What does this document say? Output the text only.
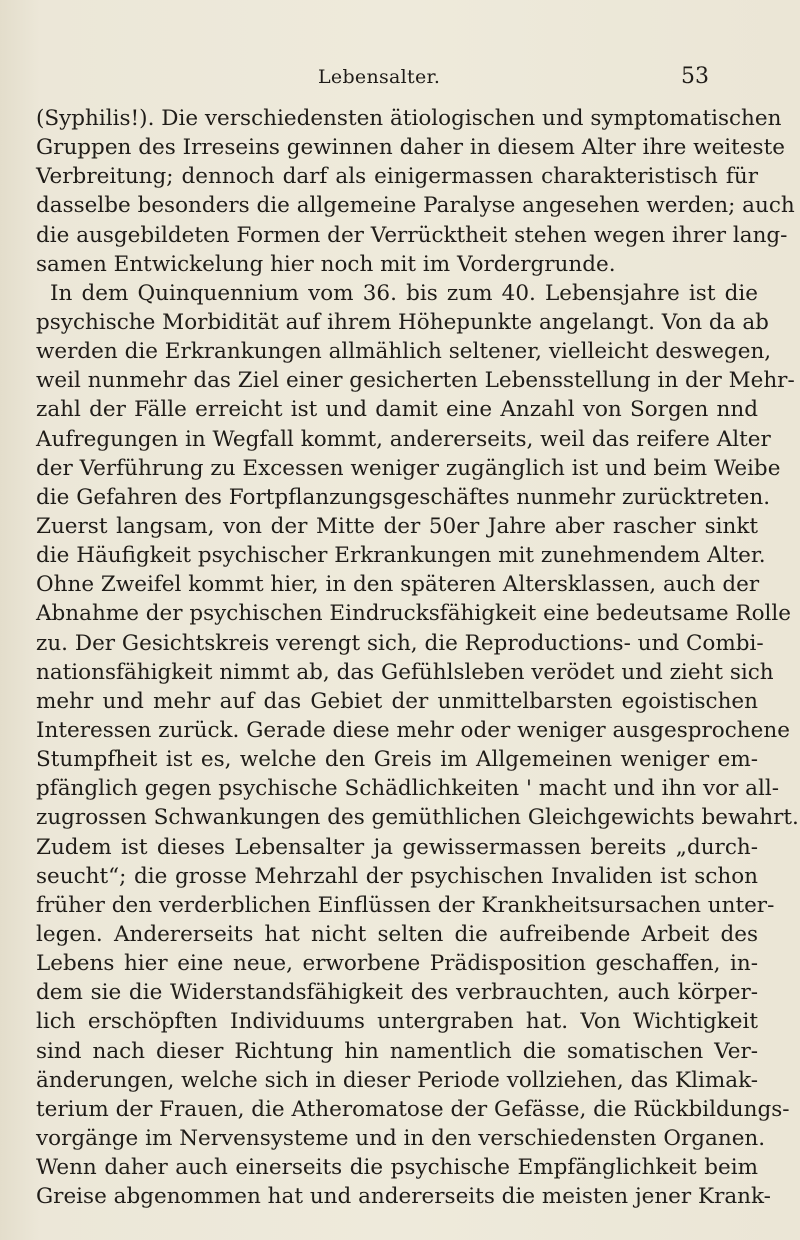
Lebensalter.	53
(Syphilis!). Die verschiedensten ätiologischen und symptomatischen
Gruppen des Irreseins gewinnen daher in diesem Alter ihre weiteste
Verbreitung; dennoch darf als einigermassen charakteristisch für
dasselbe besonders die allgemeine Paralyse angesehen werden; auch
die ausgebildeten Formen der Verrücktheit stehen wegen ihrer lang-
samen Entwickelung hier noch mit im Vordergrunde.
In dem Quinquennium vom 36. bis zum 40. Lebensjahre ist die
psychische Morbidität auf ihrem Höhepunkte angelangt. Von da ab
werden die Erkrankungen allmählich seltener, vielleicht deswegen,
weil nunmehr das Ziel einer gesicherten Lebensstellung in der Mehr-
zahl der Fälle erreicht ist und damit eine Anzahl von Sorgen nnd
Aufregungen in Wegfall kommt, andererseits, weil das reifere Alter
der Verführung zu Excessen weniger zugänglich ist und beim Weibe
die Gefahren des Fortpflanzungsgeschäftes nunmehr zurücktreten.
Zuerst langsam, von der Mitte der 50er Jahre aber rascher sinkt
die Häufigkeit psychischer Erkrankungen mit zunehmendem Alter.
Ohne Zweifel kommt hier, in den späteren Altersklassen, auch der
Abnahme der psychischen Eindrucksfähigkeit eine bedeutsame Rolle
zu. Der Gesichtskreis verengt sich, die Reproductions- und Combi-
nationsfähigkeit nimmt ab, das Gefühlsleben verödet und zieht sich
mehr und mehr auf das Gebiet der unmittelbarsten egoistischen
Interessen zurück. Gerade diese mehr oder weniger ausgesprochene
Stumpfheit ist es, welche den Greis im Allgemeinen weniger em-
pfänglich gegen psychische Schädlichkeiten ' macht und ihn vor all-
zugrossen Schwankungen des gemüthlichen Gleichgewichts bewahrt.
Zudem ist dieses Lebensalter ja gewissermassen bereits „durch-
seucht“; die grosse Mehrzahl der psychischen Invaliden ist schon
früher den verderblichen Einflüssen der Krankheitsursachen unter-
legen. Andererseits hat nicht selten die aufreibende Arbeit des
Lebens hier eine neue, erworbene Prädisposition geschaffen, in-
dem sie die Widerstandsfähigkeit des verbrauchten, auch körper-
lich erschöpften Individuums untergraben hat. Von Wichtigkeit
sind nach dieser Richtung hin namentlich die somatischen Ver-
änderungen, welche sich in dieser Periode vollziehen, das Klimak-
terium der Frauen, die Atheromatose der Gefässe, die Rückbildungs-
vorgänge im Nervensysteme und in den verschiedensten Organen.
Wenn daher auch einerseits die psychische Empfänglichkeit beim
Greise abgenommen hat und andererseits die meisten jener Krank-
